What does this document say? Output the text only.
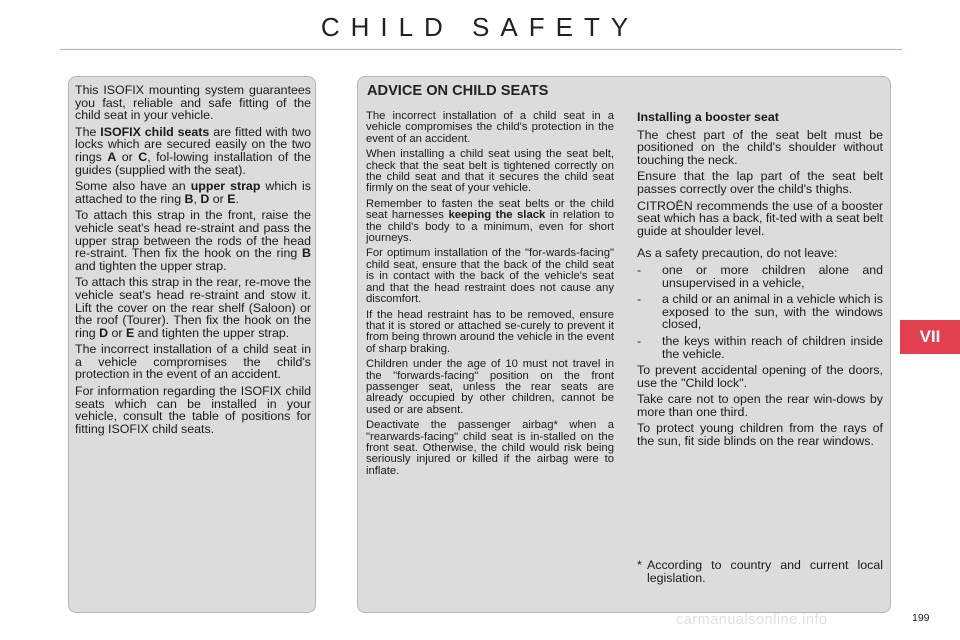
CHILD SAFETY

This ISOFIX mounting system guarantees you fast, reliable and safe fitting of the child seat in your vehicle.

The ISOFIX child seats are fitted with two locks which are secured easily on the two rings A or C, fol-lowing installation of the guides (supplied with the seat).

Some also have an upper strap which is attached to the ring B, D or E.

To attach this strap in the front, raise the vehicle seat's head re-straint and pass the upper strap between the rods of the head re-straint. Then fix the hook on the ring B and tighten the upper strap.

To attach this strap in the rear, re-move the vehicle seat's head re-straint and stow it. Lift the cover on the rear shelf (Saloon) or the roof (Tourer). Then fix the hook on the ring D or E and tighten the upper strap.

The incorrect installation of a child seat in a vehicle compromises the child's protection in the event of an accident.

For information regarding the ISOFIX child seats which can be installed in your vehicle, consult the table of positions for fitting ISOFIX child seats.

ADVICE ON CHILD SEATS

The incorrect installation of a child seat in a vehicle compromises the child's protection in the event of an accident.

When installing a child seat using the seat belt, check that the seat belt is tightened correctly on the child seat and that it secures the child seat firmly on the seat of your vehicle.

Remember to fasten the seat belts or the child seat harnesses keeping the slack in relation to the child's body to a minimum, even for short journeys.

For optimum installation of the "for-wards-facing" child seat, ensure that the back of the child seat is in contact with the back of the vehicle's seat and that the head restraint does not cause any discomfort.

If the head restraint has to be removed, ensure that it is stored or attached se-curely to prevent it from being thrown around the vehicle in the event of sharp braking.

Children under the age of 10 must not travel in the "forwards-facing" position on the front passenger seat, unless the rear seats are already occupied by other children, cannot be used or are absent.

Deactivate the passenger airbag* when a "rearwards-facing" child seat is in-stalled on the front seat. Otherwise, the child would risk being seriously injured or killed if the airbag were to inflate.

Installing a booster seat

The chest part of the seat belt must be positioned on the child's shoulder without touching the neck.

Ensure that the lap part of the seat belt passes correctly over the child's thighs.

CITROËN recommends the use of a booster seat which has a back, fit-ted with a seat belt guide at shoulder level.

As a safety precaution, do not leave:

- one or more children alone and unsupervised in a vehicle,
- a child or an animal in a vehicle which is exposed to the sun, with the windows closed,
- the keys within reach of children inside the vehicle.

To prevent accidental opening of the doors, use the "Child lock".

Take care not to open the rear win-dows by more than one third.

To protect young children from the rays of the sun, fit side blinds on the rear windows.

* According to country and current local legislation.
VII
carmanualsonline.info	199
